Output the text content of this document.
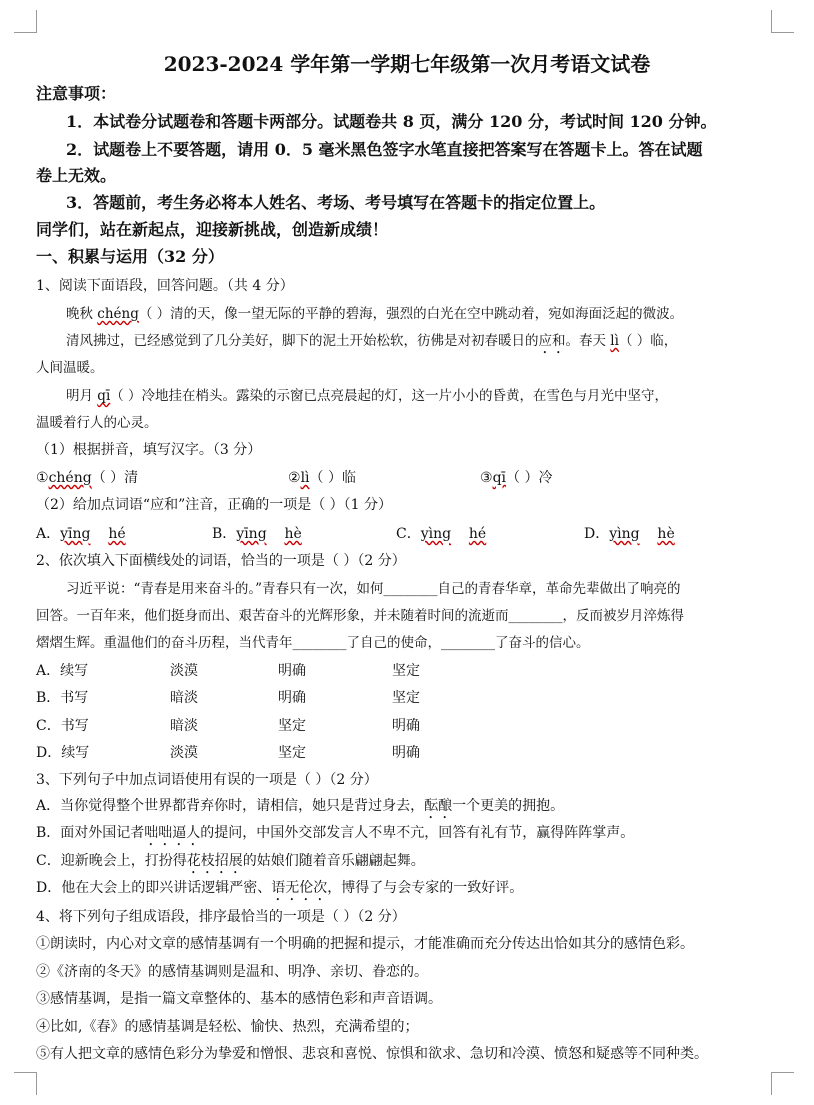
2023-2024 学年第一学期七年级第一次月考语文试卷
注意事项：
1．本试卷分试题卷和答题卡两部分。试题卷共 8 页，满分 120 分，考试时间 120 分钟。
2．试题卷上不要答题，请用 0．5 毫米黑色签字水笔直接把答案写在答题卡上。答在试题
卷上无效。
3．答题前，考生务必将本人姓名、考场、考号填写在答题卡的指定位置上。
同学们，站在新起点，迎接新挑战，创造新成绩！
一、积累与运用（32 分）
1、阅读下面语段，回答问题。（共 4 分）
晚秋 chéng（ ）清的天，像一望无际的平静的碧海，强烈的白光在空中跳动着，宛如海面泛起的微波。
清风拂过，已经感觉到了几分美好，脚下的泥土开始松软，彷佛是对初春暖日的应和。春天 lì（ ）临，
人间温暖。
明月 qī（ ）冷地挂在梢头。露染的示窗已点亮晨起的灯，这一片小小的昏黄，在雪色与月光中坚守，
温暖着行人的心灵。
（1）根据拼音，填写汉字。（3 分）
①chéng（ ）清	②lì（ ）临	③qī（ ）冷
（2）给加点词语“应和”注音，正确的一项是（ ）（1 分）
A．yīng hé	B．yīng hè	C．yìng hé	D．yìng hè
2、依次填入下面横线处的词语，恰当的一项是（ ）（2 分）
习近平说：“青春是用来奋斗的。”青春只有一次，如何________自己的青春华章，革命先辈做出了响亮的
回答。一百年来，他们挺身而出、艰苦奋斗的光辉形象，并未随着时间的流逝而________，反而被岁月淬炼得
熠熠生辉。重温他们的奋斗历程，当代青年________了自己的使命，________了奋斗的信心。
A．续写	淡漠	明确	坚定
B．书写	暗淡	明确	坚定
C．书写	暗淡	坚定	明确
D．续写	淡漠	坚定	明确
3、下列句子中加点词语使用有误的一项是（ ）（2 分）
A．当你觉得整个世界都背弃你时，请相信，她只是背过身去，酝酿一个更美的拥抱。
B．面对外国记者咄咄逼人的提问，中国外交部发言人不卑不亢，回答有礼有节，赢得阵阵掌声。
C．迎新晚会上，打扮得花枝招展的姑娘们随着音乐翩翩起舞。
D．他在大会上的即兴讲话逻辑严密、语无伦次，博得了与会专家的一致好评。
4、将下列句子组成语段，排序最恰当的一项是（ ）（2 分）
①朗读时，内心对文章的感情基调有一个明确的把握和提示，才能准确而充分传达出恰如其分的感情色彩。
②《济南的冬天》的感情基调则是温和、明净、亲切、眷恋的。
③感情基调，是指一篇文章整体的、基本的感情色彩和声音语调。
④比如,《春》的感情基调是轻松、愉快、热烈，充满希望的；
⑤有人把文章的感情色彩分为挚爱和憎恨、悲哀和喜悦、惊惧和欲求、急切和冷漠、愤怒和疑惑等不同种类。
